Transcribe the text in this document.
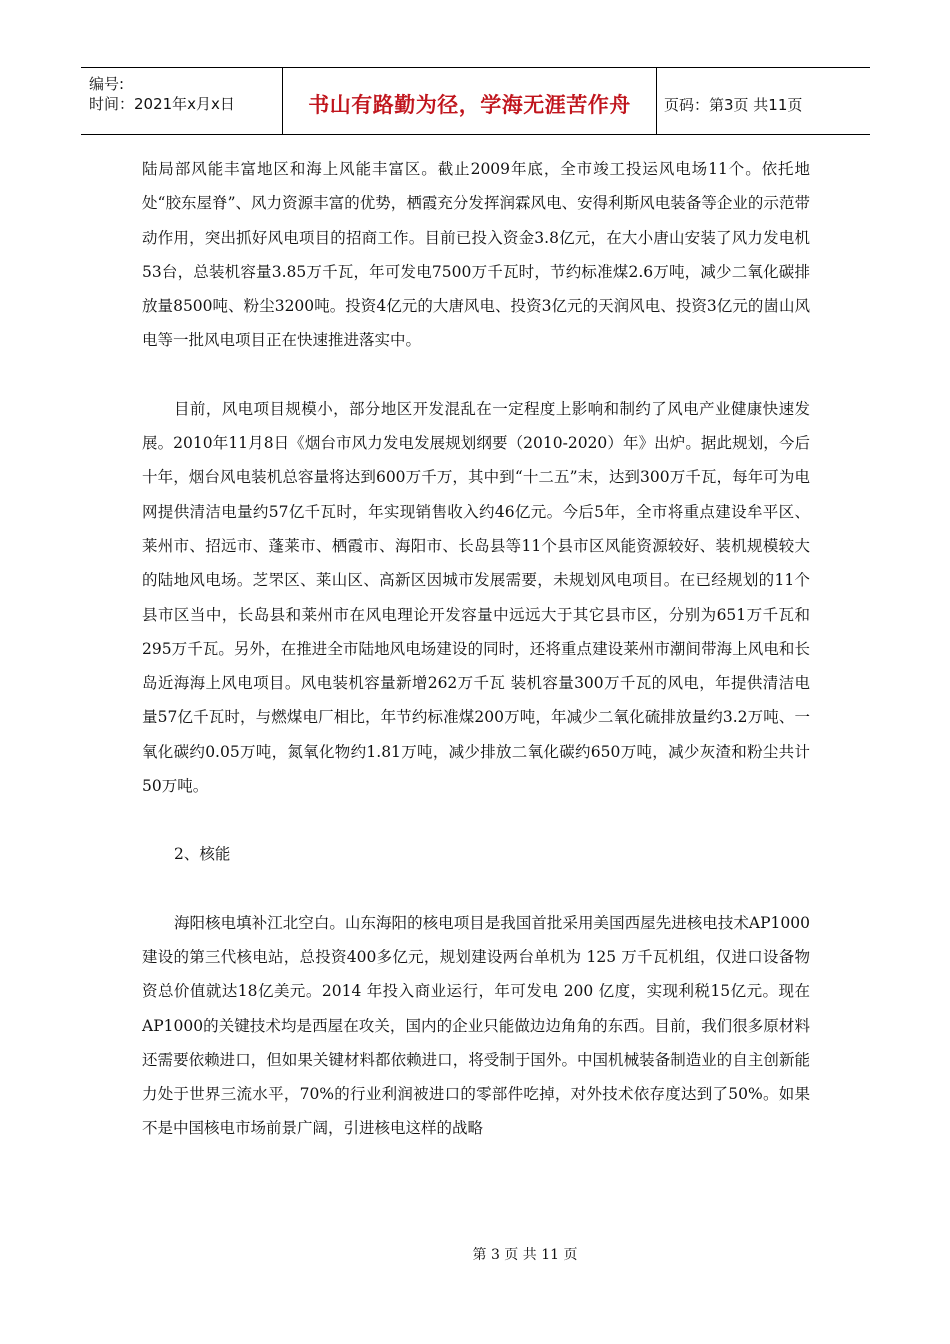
编号:
时间：2021年x月x日	书山有路勤为径，学海无涯苦作舟	页码：第3页 共11页

陆局部风能丰富地区和海上风能丰富区。截止2009年底，全市竣工投运风电场11个。依托地处“胶东屋脊”、风力资源丰富的优势，栖霞充分发挥润霖风电、安得利斯风电装备等企业的示范带动作用，突出抓好风电项目的招商工作。目前已投入资金3.8亿元，在大小唐山安装了风力发电机53台，总装机容量3.85万千瓦，年可发电7500万千瓦时，节约标准煤2.6万吨，减少二氧化碳排放量8500吨、粉尘3200吨。投资4亿元的大唐风电、投资3亿元的天润风电、投资3亿元的崮山风电等一批风电项目正在快速推进落实中。

目前，风电项目规模小，部分地区开发混乱在一定程度上影响和制约了风电产业健康快速发展。2010年11月8日《烟台市风力发电发展规划纲要（2010-2020）年》出炉。据此规划，今后十年，烟台风电装机总容量将达到600万千万，其中到“十二五”末，达到300万千瓦，每年可为电网提供清洁电量约57亿千瓦时，年实现销售收入约46亿元。今后5年，全市将重点建设牟平区、莱州市、招远市、蓬莱市、栖霞市、海阳市、长岛县等11个县市区风能资源较好、装机规模较大的陆地风电场。芝罘区、莱山区、高新区因城市发展需要，未规划风电项目。在已经规划的11个县市区当中，长岛县和莱州市在风电理论开发容量中远远大于其它县市区，分别为651万千瓦和295万千瓦。另外，在推进全市陆地风电场建设的同时，还将重点建设莱州市潮间带海上风电和长岛近海海上风电项目。风电装机容量新增262万千瓦 装机容量300万千瓦的风电，年提供清洁电量57亿千瓦时，与燃煤电厂相比，年节约标准煤200万吨，年减少二氧化硫排放量约3.2万吨、一氧化碳约0.05万吨，氮氧化物约1.81万吨，减少排放二氧化碳约650万吨，减少灰渣和粉尘共计50万吨。

2、核能

海阳核电填补江北空白。山东海阳的核电项目是我国首批采用美国西屋先进核电技术AP1000建设的第三代核电站，总投资400多亿元，规划建设两台单机为 125 万千瓦机组，仅进口设备物资总价值就达18亿美元。2014 年投入商业运行，年可发电 200 亿度，实现利税15亿元。现在AP1000的关键技术均是西屋在攻关，国内的企业只能做边边角角的东西。目前，我们很多原材料还需要依赖进口，但如果关键材料都依赖进口，将受制于国外。中国机械装备制造业的自主创新能力处于世界三流水平，70%的行业利润被进口的零部件吃掉，对外技术依存度达到了50%。如果不是中国核电市场前景广阔，引进核电这样的战略

第 3 页 共 11 页
